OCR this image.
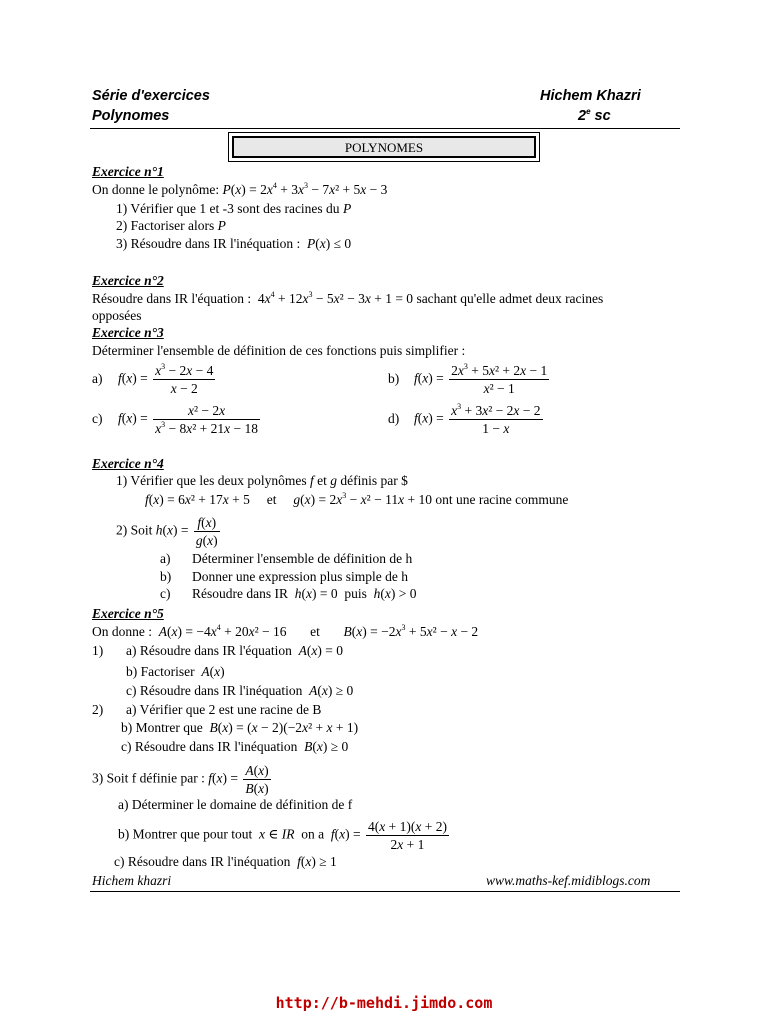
Série d'exercices
Polynomes
Hichem Khazri
2e sc
POLYNOMES
Exercice n°1
On donne le polynôme: $P(x) = 2x^4 + 3x^3 - 7x^2 + 5x - 3$
1) Vérifier que 1 et -3 sont des racines du P
2) Factoriser alors P
3) Résoudre dans IR l'inéquation : P(x) ≤ 0
Exercice n°2
Résoudre dans IR l'équation :  $4x^4 + 12x^3 - 5x^2 - 3x + 1 = 0$ sachant qu'elle admet deux racines
opposées
Exercice n°3
Déterminer l'ensemble de définition de ces fonctions puis simplifier :
a) $f(x) = \frac{x^3 - 2x - 4}{x - 2}$	b) $f(x) = \frac{2x^3 + 5x^2 + 2x - 1}{\text{x² − 1}}$
c) $f(x) = \frac{\text{x² − 2x}}{x^3 - 8x^2 + 21x - 18}$	d) $f(x) = \frac{x^3 + 3x^2 - 2x - 2}{1 - x}$
Exercice n°4
1) Vérifier que les deux polynômes f et g définis par $
f(x) = 6x² + 17x + 5     et $g(x) = 2x^3 - x^2 - 11x + 10$ ont une racine commune
2) Soit $h(x) = \frac{f(x)}{g(x)}$
a) Déterminer l'ensemble de définition de h
b) Donner une expression plus simple de h
c) Résoudre dans IR h(x) = 0  puis h(x) > 0
Exercice n°5
On donne : $A(x) = -4x^4 + 20x^2 - 16$       et $B(x) = -2x^3 + 5x^2 - x - 2$
1) a) Résoudre dans IR l'équation A(x) = 0
b) Factoriser A(x)
c) Résoudre dans IR l'inéquation A(x) ≥ 0
2) a) Vérifier que 2 est une racine de B
b) Montrer que B(x) = (x − 2)(−2x² + x + 1)
c) Résoudre dans IR l'inéquation B(x) ≥ 0
3) Soit f définie par : $f(x) = \frac{A(x)}{B(x)}$
a) Déterminer le domaine de définition de f
b) Montrer que pour tout x ∈ IR on a $f(x) = \frac{4(x + 1)(x + 2)}{2x + 1}$
c) Résoudre dans IR l'inéquation f(x) ≥ 1
Hichem khazri	www.maths-kef.midiblogs.com
http://b-mehdi.jimdo.com
